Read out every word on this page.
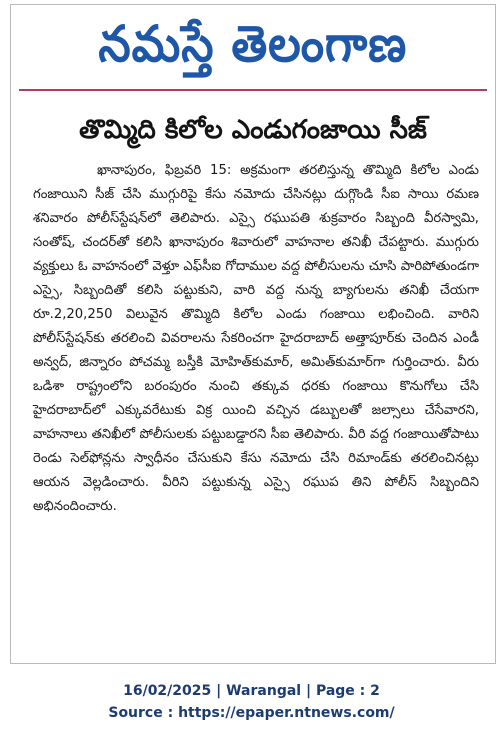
నమస్తే తెలంగాణ
తొమ్మిది కిలోల ఎండుగంజాయి సీజ్

ఖానాపురం, ఫిబ్రవరి 15: అక్రమంగా తరలిస్తున్న తొమ్మిది కిలోల ఎండు గంజాయిని సీజ్ చేసి ముగ్గురిపై కేసు నమోదు చేసినట్లు దుగ్గొండి సీఐ సాయి రమణ శనివారం పోలీస్‌స్టేషన్‌లో తెలిపారు. ఎస్సై రఘుపతి శుక్రవారం సిబ్బంది వీరస్వామి, సంతోష్, చందర్‌తో కలిసి ఖానాపురం శివారులో వాహనాల తనిఖీ చేపట్టారు. ముగ్గురు వ్యక్తులు ఓ వాహనంలో వెళ్తూ ఎఫ్‌సీఐ గోదాముల వద్ద పోలీసులను చూసి పారిపోతుండగా ఎస్సై, సిబ్బందితో కలిసి పట్టుకుని, వారి వద్ద నున్న బ్యాగులను తనిఖీ చేయగా రూ.2,20,250 విలువైన తొమ్మిది కిలోల ఎండు గంజాయి లభించింది. వారిని పోలీస్‌స్టేషన్‌కు తరలించి వివరాలను సేకరించగా హైదరాబాద్ అత్తాపూర్‌కు చెందిన ఎండీ అన్వద్, జిన్నారం పోచమ్మ బస్తీకి మోహిత్‌కుమార్, అమిత్‌కుమార్‌గా గుర్తించారు. వీరు ఒడిశా రాష్ట్రంలోని బరంపురం నుంచి తక్కువ ధరకు గంజాయి కొనుగోలు చేసి హైదరాబాద్‌లో ఎక్కువరేటుకు విక్ర యించి వచ్చిన డబ్బులతో జల్సాలు చేసేవారని, వాహనాలు తనిఖీలో పోలీసులకు పట్టుబడ్డారని సీఐ తెలిపారు. వీరి వద్ద గంజాయితోపాటు రెండు సెల్‌ఫోన్లను స్వాధీనం చేసుకుని కేసు నమోదు చేసి రిమాండ్‌కు తరలించినట్లు ఆయన వెల్లడించారు. వీరిని పట్టుకున్న ఎస్సై రఘుప తిని పోలీస్ సిబ్బందిని అభినందించారు.

16/02/2025 | Warangal | Page : 2
Source : https://epaper.ntnews.com/
